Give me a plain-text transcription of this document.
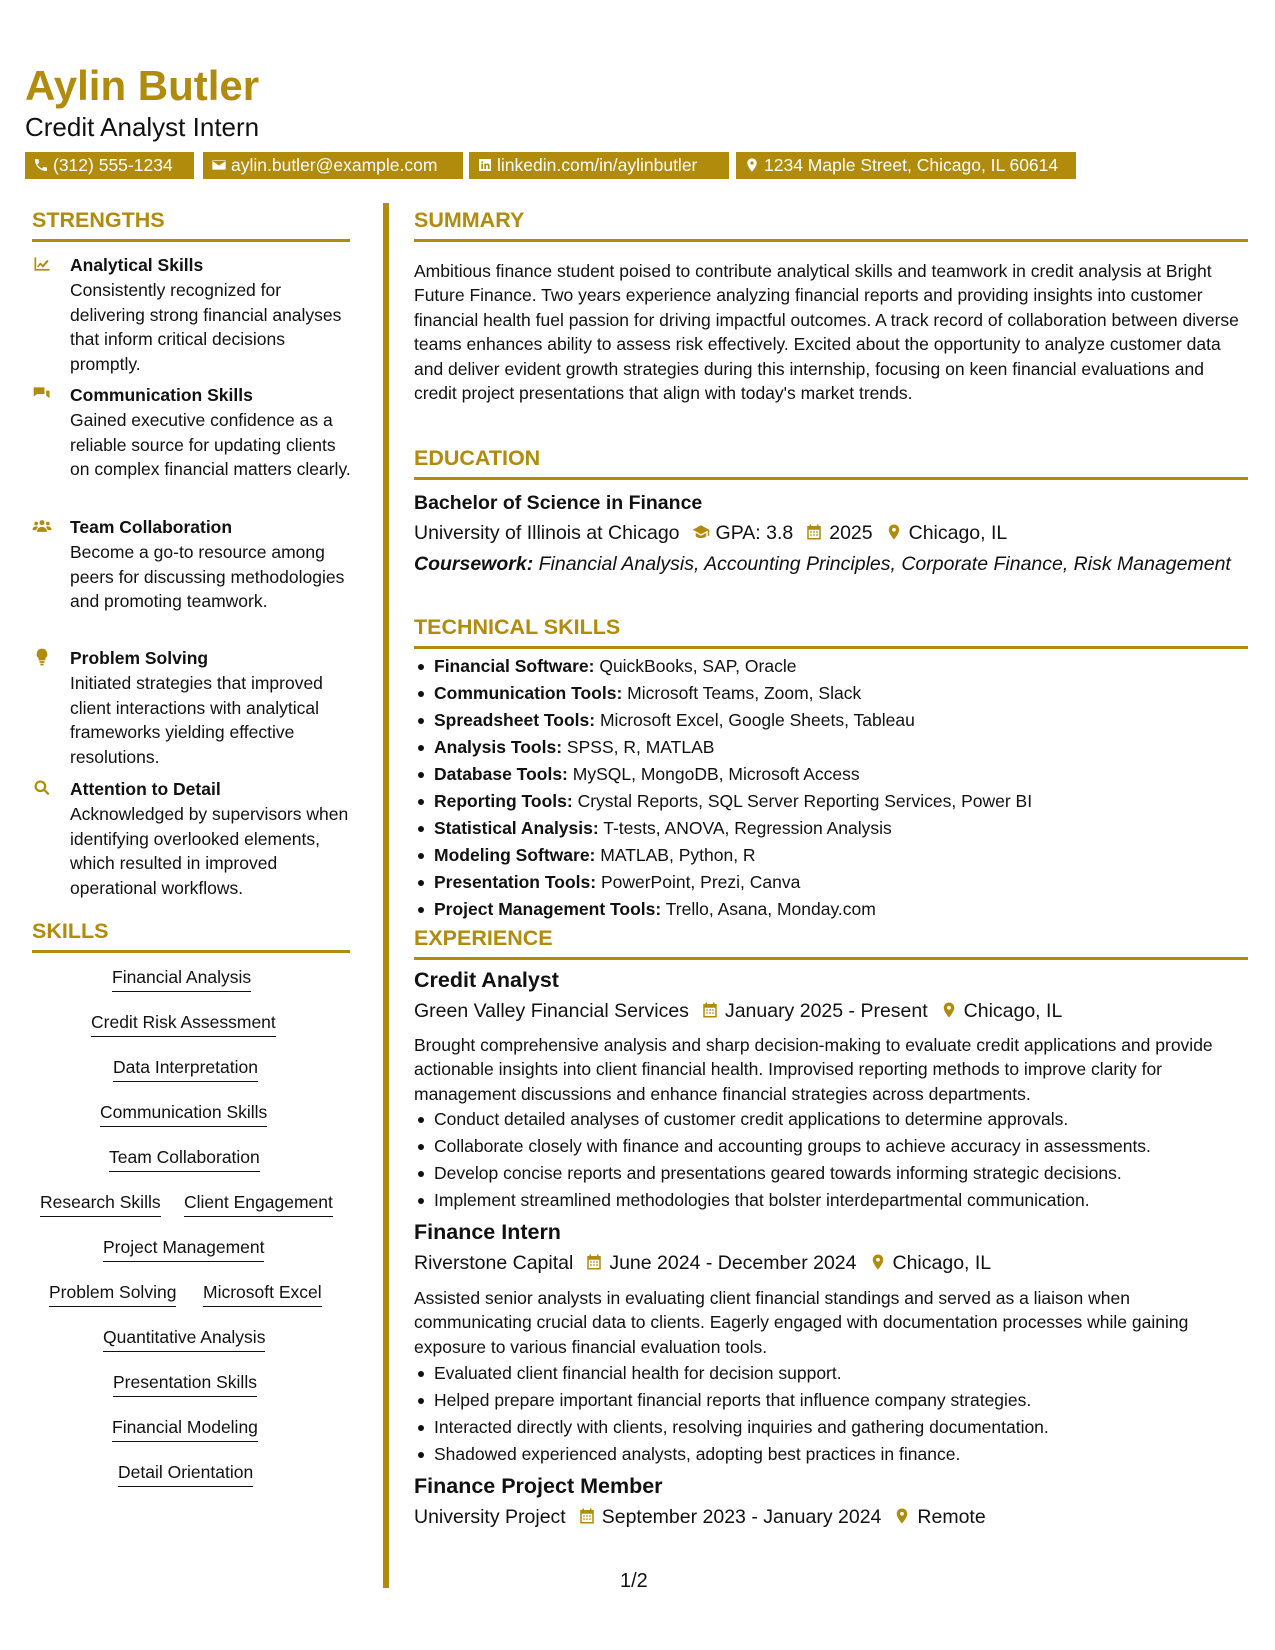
Aylin Butler
Credit Analyst Intern
(312) 555-1234	aylin.butler@example.com	linkedin.com/in/aylinbutler	1234 Maple Street, Chicago, IL 60614
STRENGTHS
Analytical Skills
Consistently recognized for delivering strong financial analyses that inform critical decisions promptly.
Communication Skills
Gained executive confidence as a reliable source for updating clients on complex financial matters clearly.
Team Collaboration
Become a go-to resource among peers for discussing methodologies and promoting teamwork.
Problem Solving
Initiated strategies that improved client interactions with analytical frameworks yielding effective resolutions.
Attention to Detail
Acknowledged by supervisors when identifying overlooked elements, which resulted in improved operational workflows.
SKILLS
Financial Analysis
Credit Risk Assessment
Data Interpretation
Communication Skills
Team Collaboration
Research Skills Client Engagement
Project Management
Problem Solving Microsoft Excel
Quantitative Analysis
Presentation Skills
Financial Modeling
Detail Orientation
SUMMARY

Ambitious finance student poised to contribute analytical skills and teamwork in credit analysis at Bright Future Finance. Two years experience analyzing financial reports and providing insights into customer financial health fuel passion for driving impactful outcomes. A track record of collaboration between diverse teams enhances ability to assess risk effectively. Excited about the opportunity to analyze customer data and deliver evident growth strategies during this internship, focusing on keen financial evaluations and credit project presentations that align with today's market trends.

EDUCATION
Bachelor of Science in Finance
University of Illinois at Chicago GPA: 3.8 2025 Chicago, IL
Coursework: Financial Analysis, Accounting Principles, Corporate Finance, Risk Management
TECHNICAL SKILLS
Financial Software: QuickBooks, SAP, Oracle
Communication Tools: Microsoft Teams, Zoom, Slack
Spreadsheet Tools: Microsoft Excel, Google Sheets, Tableau
Analysis Tools: SPSS, R, MATLAB
Database Tools: MySQL, MongoDB, Microsoft Access
Reporting Tools: Crystal Reports, SQL Server Reporting Services, Power BI
Statistical Analysis: T-tests, ANOVA, Regression Analysis
Modeling Software: MATLAB, Python, R
Presentation Tools: PowerPoint, Prezi, Canva
Project Management Tools: Trello, Asana, Monday.com
EXPERIENCE
Credit Analyst
Green Valley Financial Services January 2025 - Present Chicago, IL

Brought comprehensive analysis and sharp decision-making to evaluate credit applications and provide actionable insights into client financial health. Improvised reporting methods to improve clarity for management discussions and enhance financial strategies across departments.

Conduct detailed analyses of customer credit applications to determine approvals.
Collaborate closely with finance and accounting groups to achieve accuracy in assessments.
Develop concise reports and presentations geared towards informing strategic decisions.
Implement streamlined methodologies that bolster interdepartmental communication.
Finance Intern
Riverstone Capital June 2024 - December 2024 Chicago, IL

Assisted senior analysts in evaluating client financial standings and served as a liaison when communicating crucial data to clients. Eagerly engaged with documentation processes while gaining exposure to various financial evaluation tools.

Evaluated client financial health for decision support.
Helped prepare important financial reports that influence company strategies.
Interacted directly with clients, resolving inquiries and gathering documentation.
Shadowed experienced analysts, adopting best practices in finance.
Finance Project Member
University Project September 2023 - January 2024 Remote
1/2
